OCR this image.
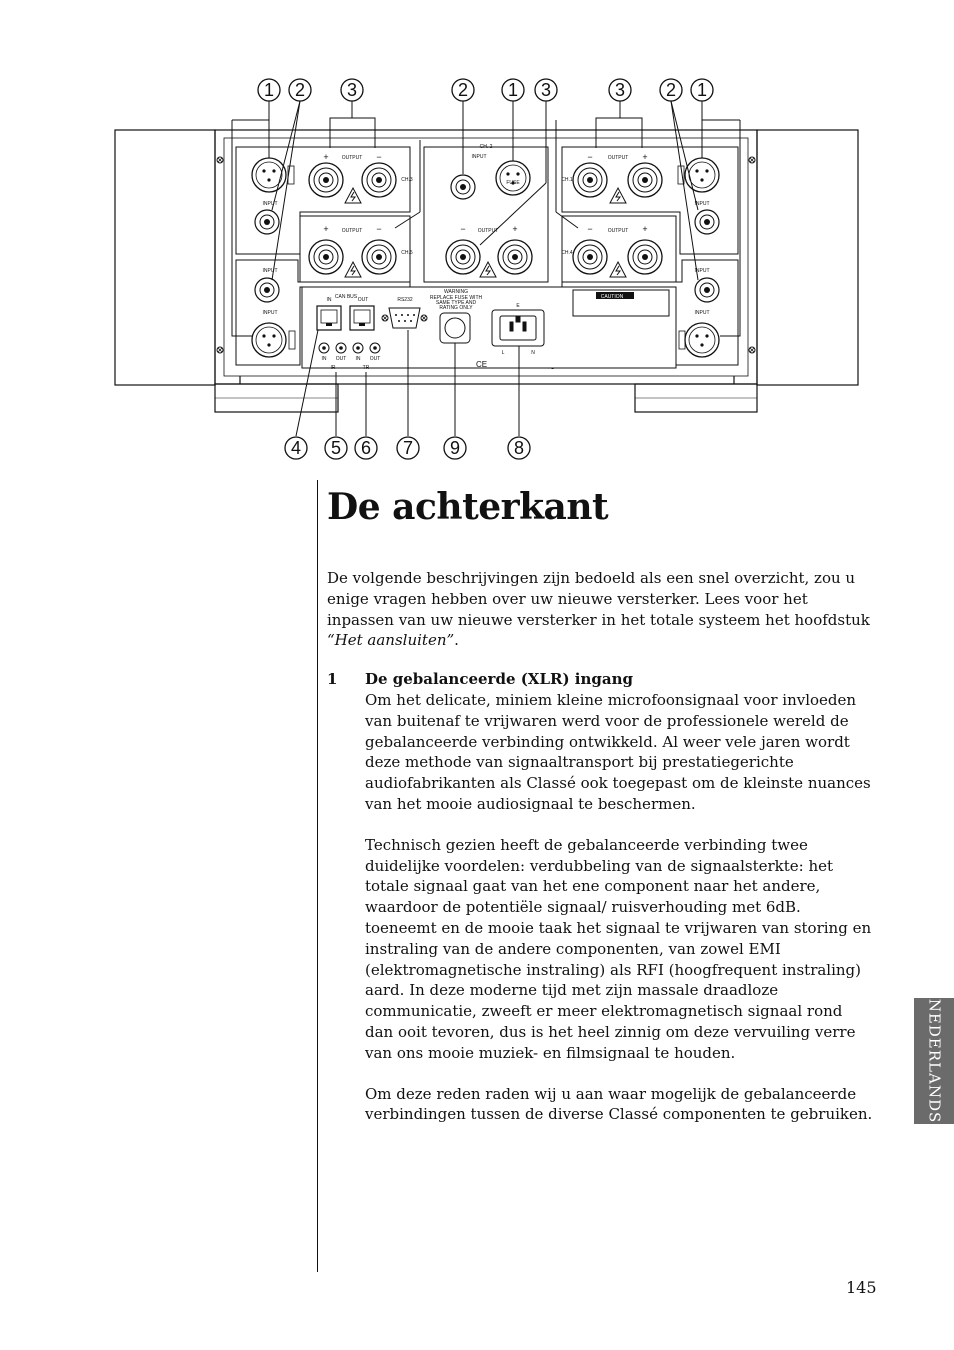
1 2 3	2 1 3	3 2 1
INPUT
INPUT
INPUT
INPUT
INPUT
INPUT
INPUT
OUTPUT
OUTPUT	OUTPUT
OUTPUT
OUTPUT
CH. 2
CH.3
CH.5
CH.1
CH.4
CAN BUS
IN	OUT	RS232
WARNING
REPLACE FUSE WITH
SAME TYPE AND
RATING ONLY
CAUTION
FUSE
E
L	N
IN OUT IN OUT
IR	TR	CE	~
+	−
+	−	−	+
−	+
−	+
4 5 6 7 9	8
De achterkant

De volgende beschrijvingen zijn bedoeld als een snel overzicht, zou u enige vragen hebben over uw nieuwe versterker. Lees voor het inpassen van uw nieuwe versterker in het totale systeem het hoofdstuk “Het aansluiten”.

1	De gebalanceerde (XLR) ingang

Om het delicate, miniem kleine microfoonsignaal voor invloeden van buitenaf te vrijwaren werd voor de professionele wereld de gebalanceerde verbinding ontwikkeld. Al weer vele jaren wordt deze methode van signaaltransport bij prestatiegerichte audiofabrikanten als Classé ook toegepast om de kleinste nuances van het mooie audiosignaal te beschermen.

Technisch gezien heeft de gebalanceerde verbinding twee duidelijke voordelen: verdubbeling van de signaalsterkte: het totale signaal gaat van het ene component naar het andere, waardoor de potentiële signaal/ ruisverhouding met 6dB. toeneemt en de mooie taak het signaal te vrijwaren van storing en instraling van de andere componenten, van zowel EMI (elektromagnetische instraling) als RFI (hoogfrequent instraling) aard. In deze moderne tijd met zijn massale draadloze communicatie, zweeft er meer elektromagnetisch signaal rond dan ooit tevoren, dus is het heel zinnig om deze vervuiling verre van ons mooie muziek- en filmsignaal te houden.

Om deze reden raden wij u aan waar mogelijk de gebalanceerde verbindingen tussen de diverse Classé componenten te gebruiken.	NEDERLANDS
145
